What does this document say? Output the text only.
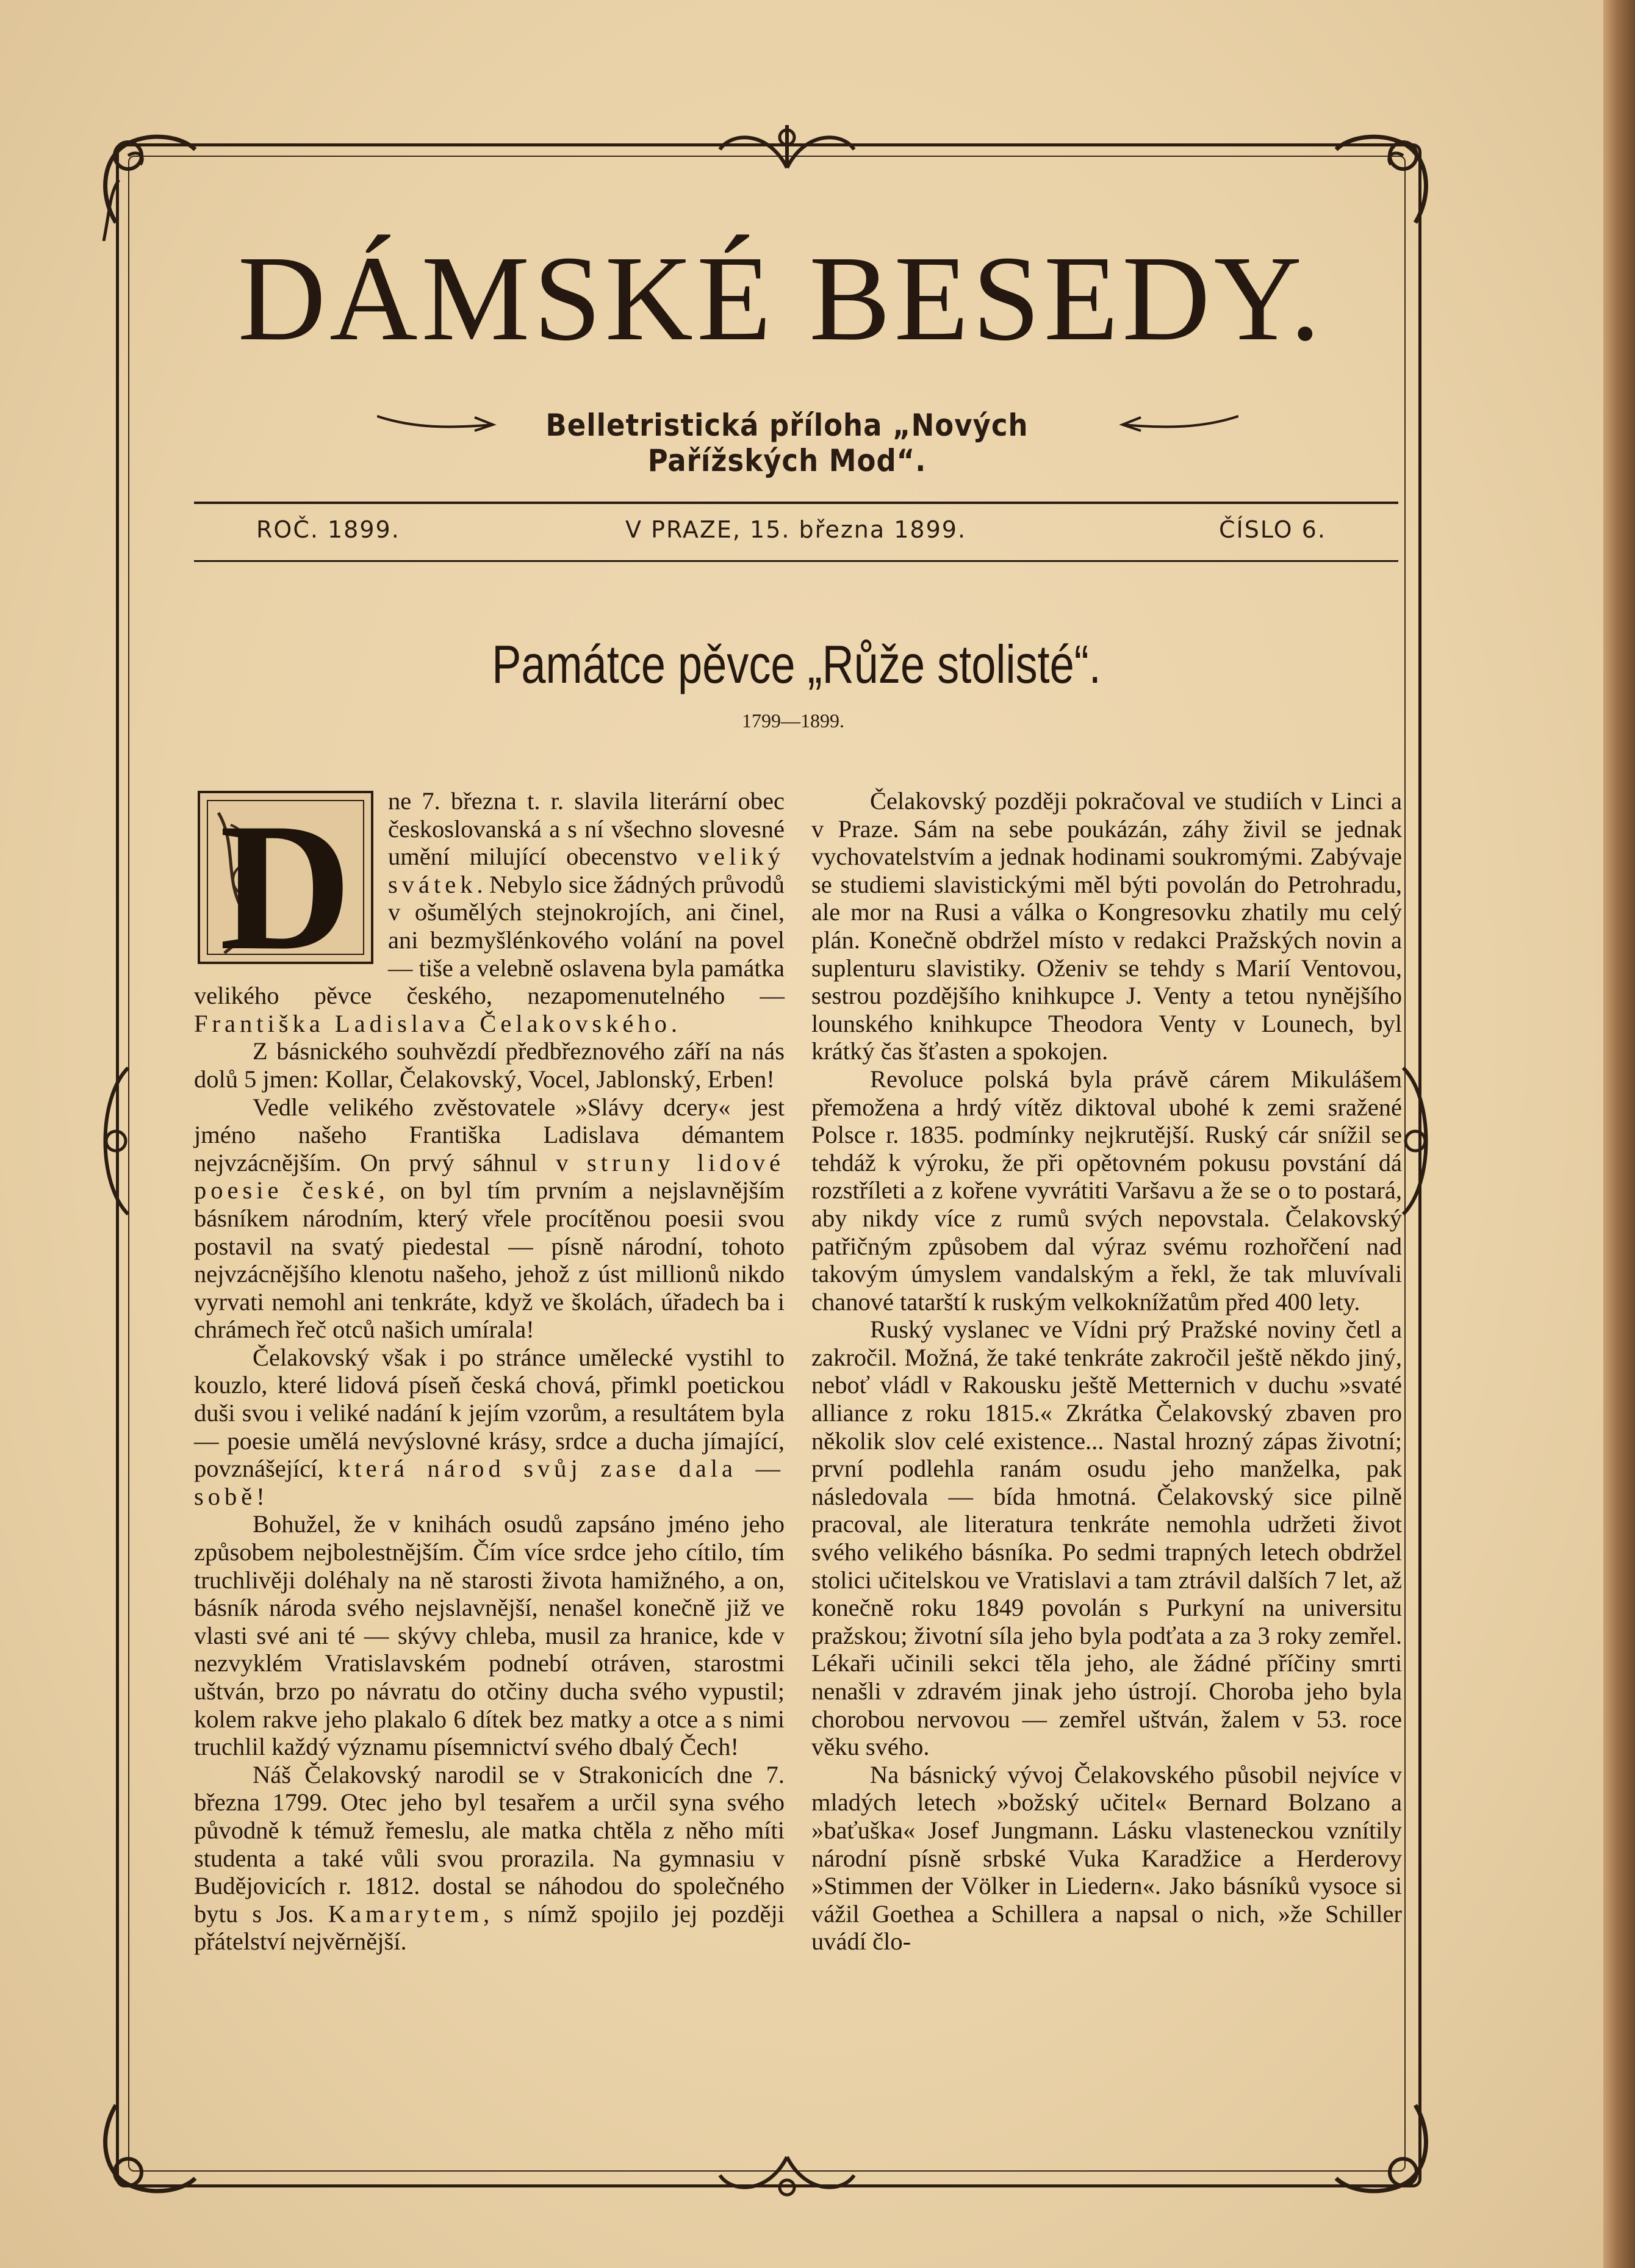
DÁMSKÉ BESEDY.
Belletristická příloha „Nových Pařížských Mod“.
ROČ. 1899.	V PRAZE, 15. března 1899.	ČÍSLO 6.
Památce pěvce „Růže stolisté“.
1799—1899.

D ne 7. března t. r. slavila literární obec českoslovanská a s ní všechno slovesné umění milující obecenstvo veliký svátek. Nebylo sice žádných průvodů v ošumělých stejnokrojích, ani činel, ani bezmyšlénkového volání na povel — tiše a velebně oslavena byla památka velikého pěvce českého, nezapomenutelného — Františka Ladislava Čelakovského.

Z básnického souhvězdí předbřeznového září na nás dolů 5 jmen: Kollar, Čelakovský, Vocel, Jablonský, Erben!

Vedle velikého zvěstovatele »Slávy dcery« jest jméno našeho Františka Ladislava démantem nejvzácnějším. On prvý sáhnul v struny lidové poesie české, on byl tím prvním a nejslavnějším básníkem národním, který vřele procítěnou poesii svou postavil na svatý piedestal — písně národní, tohoto nejvzácnějšího klenotu našeho, jehož z úst millionů nikdo vyrvati nemohl ani tenkráte, když ve školách, úřadech ba i chrámech řeč otců našich umírala!

Čelakovský však i po stránce umělecké vystihl to kouzlo, které lidová píseň česká chová, přimkl poetickou duši svou i veliké nadání k jejím vzorům, a resultátem byla — poesie umělá nevýslovné krásy, srdce a ducha jímající, povznášející, která národ svůj zase dala — sobě!

Bohužel, že v knihách osudů zapsáno jméno jeho způsobem nejbolestnějším. Čím více srdce jeho cítilo, tím truchlivěji doléhaly na ně starosti života hamižného, a on, básník národa svého nejslavnější, nenašel konečně již ve vlasti své ani té — skývy chleba, musil za hranice, kde v nezvyklém Vratislavském podnebí otráven, starostmi uštván, brzo po návratu do otčiny ducha svého vypustil; kolem rakve jeho plakalo 6 dítek bez matky a otce a s nimi truchlil každý významu písemnictví svého dbalý Čech!

Náš Čelakovský narodil se v Strakonicích dne 7. března 1799. Otec jeho byl tesařem a určil syna svého původně k témuž řemeslu, ale matka chtěla z něho míti studenta a také vůli svou prorazila. Na gymnasiu v Budějovicích r. 1812. dostal se náhodou do společného bytu s Jos. Kamarytem, s nímž spojilo jej později přátelství nejvěrnější.

Čelakovský později pokračoval ve studiích v Linci a v Praze. Sám na sebe poukázán, záhy živil se jednak vychovatelstvím a jednak hodinami soukromými. Zabývaje se studiemi slavistickými měl býti povolán do Petrohradu, ale mor na Rusi a válka o Kongresovku zhatily mu celý plán. Konečně obdržel místo v redakci Pražských novin a suplenturu slavistiky. Oženiv se tehdy s Marií Ventovou, sestrou pozdějšího knihkupce J. Venty a tetou nynějšího lounského knihkupce Theodora Venty v Lounech, byl krátký čas šťasten a spokojen.

Revoluce polská byla právě cárem Mikulášem přemožena a hrdý vítěz diktoval ubohé k zemi sražené Polsce r. 1835. podmínky nejkrutější. Ruský cár snížil se tehdáž k výroku, že při opětovném pokusu povstání dá rozstříleti a z kořene vyvrátiti Varšavu a že se o to postará, aby nikdy více z rumů svých nepovstala. Čelakovský patřičným způsobem dal výraz svému rozhořčení nad takovým úmyslem vandalským a řekl, že tak mluvívali chanové tatarští k ruským velkoknížatům před 400 lety.

Ruský vyslanec ve Vídni prý Pražské noviny četl a zakročil. Možná, že také tenkráte zakročil ještě někdo jiný, neboť vládl v Rakousku ještě Metternich v duchu »svaté alliance z roku 1815.« Zkrátka Čelakovský zbaven pro několik slov celé existence... Nastal hrozný zápas životní; první podlehla ranám osudu jeho manželka, pak následovala — bída hmotná. Čelakovský sice pilně pracoval, ale literatura tenkráte nemohla udržeti život svého velikého básníka. Po sedmi trapných letech obdržel stolici učitelskou ve Vratislavi a tam ztrávil dalších 7 let, až konečně roku 1849 povolán s Purkyní na universitu pražskou; životní síla jeho byla podťata a za 3 roky zemřel. Lékaři učinili sekci těla jeho, ale žádné příčiny smrti nenašli v zdravém jinak jeho ústrojí. Choroba jeho byla chorobou nervovou — zemřel uštván, žalem v 53. roce věku svého.

Na básnický vývoj Čelakovského působil nejvíce v mladých letech »božský učitel« Bernard Bolzano a »baťuška« Josef Jungmann. Lásku vlasteneckou vznítily národní písně srbské Vuka Karadžice a Herderovy »Stimmen der Völker in Liedern«. Jako básníků vysoce si vážil Goethea a Schillera a napsal o nich, »že Schiller uvádí člo-
